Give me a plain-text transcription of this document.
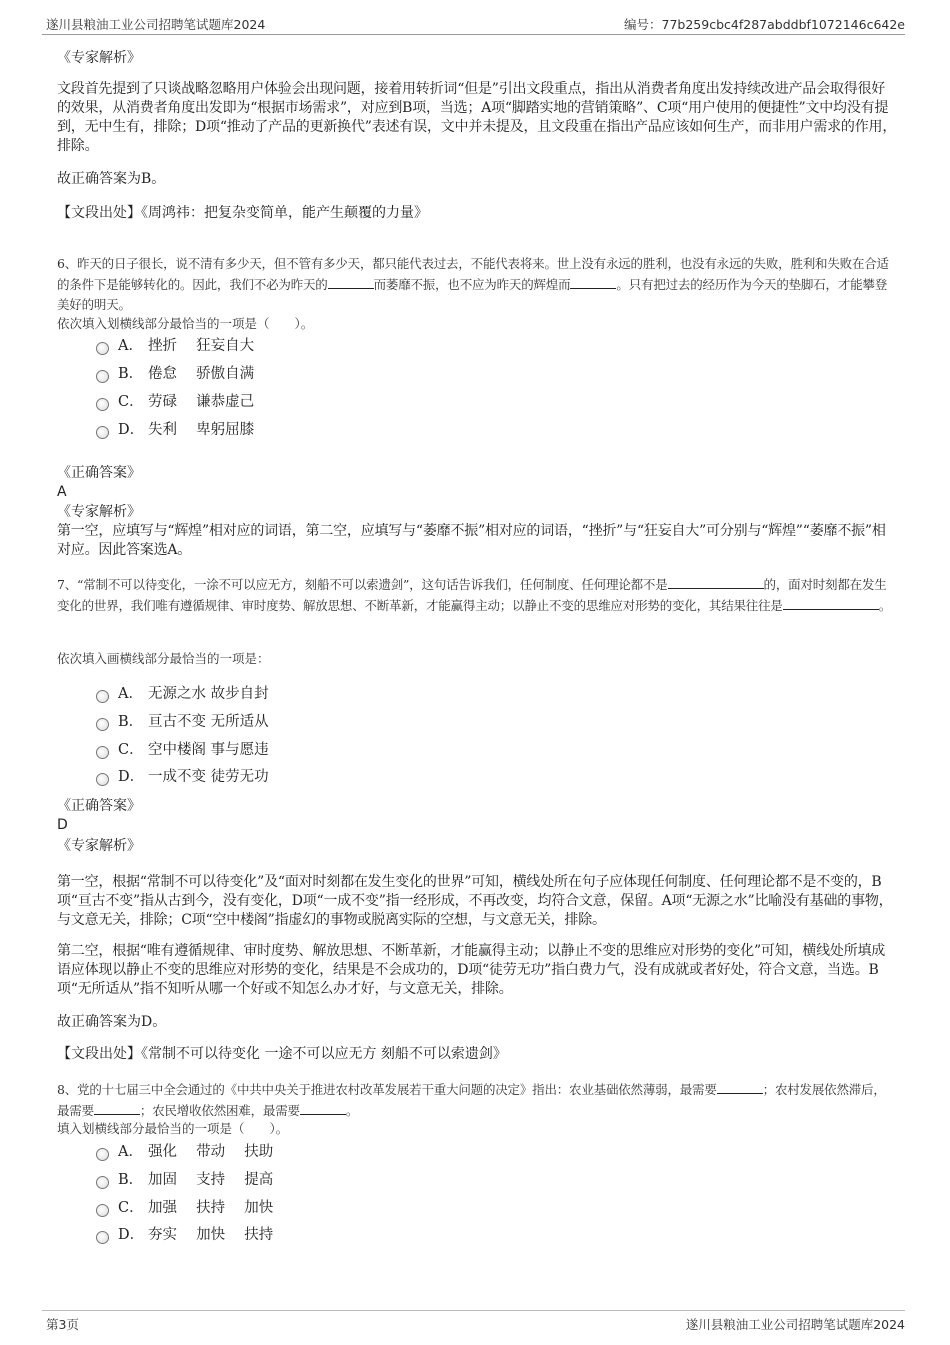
遂川县粮油工业公司招聘笔试题库2024	编号：77b259cbc4f287abddbf1072146c642e
《专家解析》
文段首先提到了只谈战略忽略用户体验会出现问题，接着用转折词“但是”引出文段重点，指出从消费者角度出发持续改进产品会取得很好的效果，从消费者角度出发即为“根据市场需求”，对应到B项，当选；A项“脚踏实地的营销策略”、C项“用户使用的便捷性”文中均没有提到，无中生有，排除；D项“推动了产品的更新换代”表述有误，文中并未提及，且文段重在指出产品应该如何生产，而非用户需求的作用，排除。
故正确答案为B。
【文段出处】《周鸿祎：把复杂变简单，能产生颠覆的力量》
6、昨天的日子很长，说不清有多少天，但不管有多少天，都只能代表过去，不能代表将来。世上没有永远的胜利，也没有永远的失败，胜利和失败在合适的条件下是能够转化的。因此，我们不必为昨天的	而萎靡不振，也不应为昨天的辉煌而	。只有把过去的经历作为今天的垫脚石，才能攀登美好的明天。
依次填入划横线部分最恰当的一项是（　　）。
A． 挫折　 狂妄自大
B． 倦怠　 骄傲自满
C． 劳碌　 谦恭虚己
D． 失利　 卑躬屈膝
《正确答案》
A
《专家解析》
第一空，应填写与“辉煌”相对应的词语，第二空，应填写与“萎靡不振”相对应的词语，“挫折”与“狂妄自大”可分别与“辉煌”“萎靡不振”相对应。因此答案选A。
7、“常制不可以待变化，一涂不可以应无方，刻船不可以索遗剑”，这句话告诉我们，任何制度、任何理论都不是	的，面对时刻都在发生变化的世界，我们唯有遵循规律、审时度势、解放思想、不断革新，才能赢得主动；以静止不变的思维应对形势的变化，其结果往往是	。
依次填入画横线部分最恰当的一项是：
A． 无源之水 故步自封
B． 亘古不变 无所适从
C． 空中楼阁 事与愿违
D． 一成不变 徒劳无功
《正确答案》
D
《专家解析》
第一空，根据“常制不可以待变化”及“面对时刻都在发生变化的世界”可知，横线处所在句子应体现任何制度、任何理论都不是不变的，B项“亘古不变”指从古到今，没有变化，D项“一成不变”指一经形成，不再改变，均符合文意，保留。A项“无源之水”比喻没有基础的事物，与文意无关，排除；C项“空中楼阁”指虚幻的事物或脱离实际的空想，与文意无关，排除。
第二空，根据“唯有遵循规律、审时度势、解放思想、不断革新，才能赢得主动；以静止不变的思维应对形势的变化”可知，横线处所填成语应体现以静止不变的思维应对形势的变化，结果是不会成功的，D项“徒劳无功”指白费力气，没有成就或者好处，符合文意，当选。B项“无所适从”指不知听从哪一个好或不知怎么办才好，与文意无关，排除。
故正确答案为D。
【文段出处】《常制不可以待变化 一途不可以应无方 刻船不可以索遗剑》
8、党的十七届三中全会通过的《中共中央关于推进农村改革发展若干重大问题的决定》指出：农业基础依然薄弱，最需要	；农村发展依然滞后，最需要	；农民增收依然困难，最需要	。
填入划横线部分最恰当的一项是（　　）。
A． 强化　 带动　 扶助
B． 加固　 支持　 提高
C． 加强　 扶持　 加快
D． 夯实　 加快　 扶持
第3页	遂川县粮油工业公司招聘笔试题库2024
